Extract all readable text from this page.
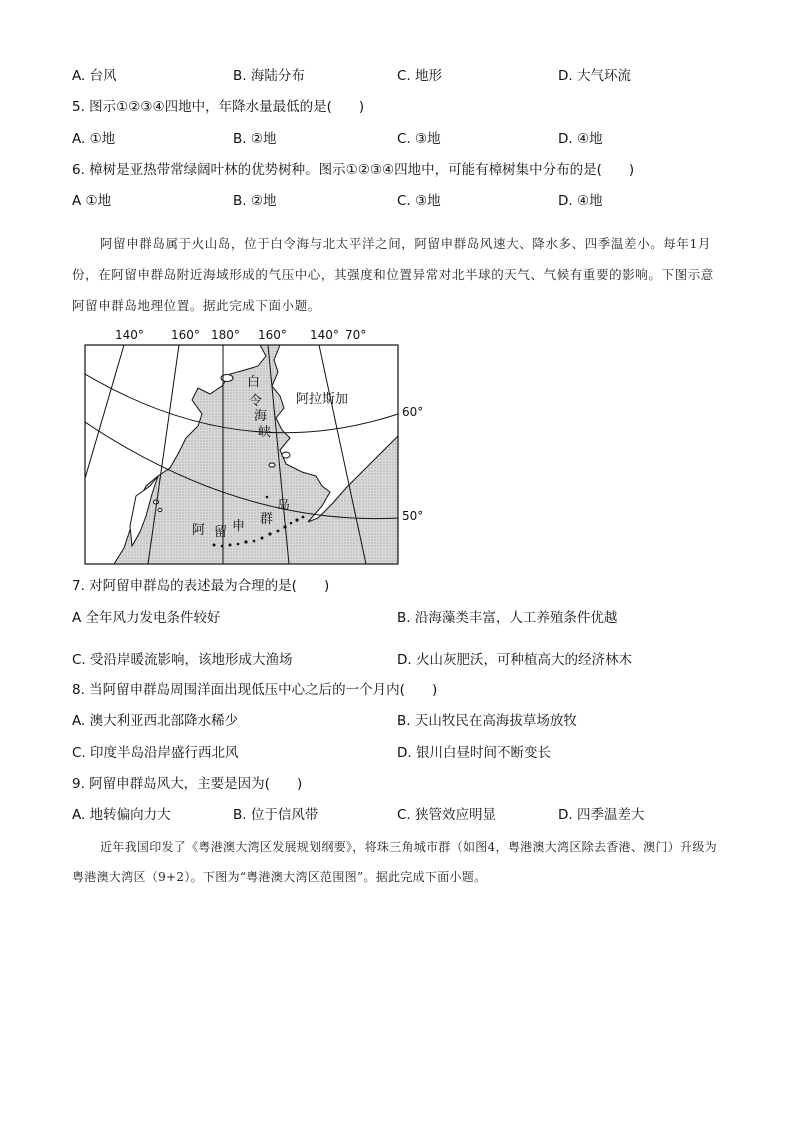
A. 台风	B. 海陆分布	C. 地形	D. 大气环流
5. 图示①②③④四地中，年降水量最低的是(　　)
A. ①地	B. ②地	C. ③地	D. ④地
6. 樟树是亚热带常绿阔叶林的优势树种。图示①②③④四地中，可能有樟树集中分布的是(　　)
A ①地	B. ②地	C. ③地	D. ④地
阿留申群岛属于火山岛，位于白令海与北太平洋之间，阿留申群岛风速大、降水多、四季温差小。每年1月份，在阿留申群岛附近海域形成的气压中心，其强度和位置异常对北半球的天气、气候有重要的影响。下图示意阿留申群岛地理位置。据此完成下面小题。
140° 160° 180° 160° 140° 70°
60°
50°
白
令
海
峡
阿拉斯加
阿 留 申 群
岛
7. 对阿留申群岛的表述最为合理的是(　　)
A 全年风力发电条件较好	B. 沿海藻类丰富，人工养殖条件优越
C. 受沿岸暖流影响，该地形成大渔场	D. 火山灰肥沃，可种植高大的经济林木
8. 当阿留申群岛周围洋面出现低压中心之后的一个月内(　　)
A. 澳大利亚西北部降水稀少	B. 天山牧民在高海拔草场放牧
C. 印度半岛沿岸盛行西北风	D. 银川白昼时间不断变长
9. 阿留申群岛风大，主要是因为(　　)
A. 地转偏向力大	B. 位于信风带	C. 狭管效应明显	D. 四季温差大
近年我国印发了《粤港澳大湾区发展规划纲要》，将珠三角城市群（如图4，粤港澳大湾区除去香港、澳门）升级为粤港澳大湾区（9+2）。下图为“粤港澳大湾区范围图”。据此完成下面小题。
